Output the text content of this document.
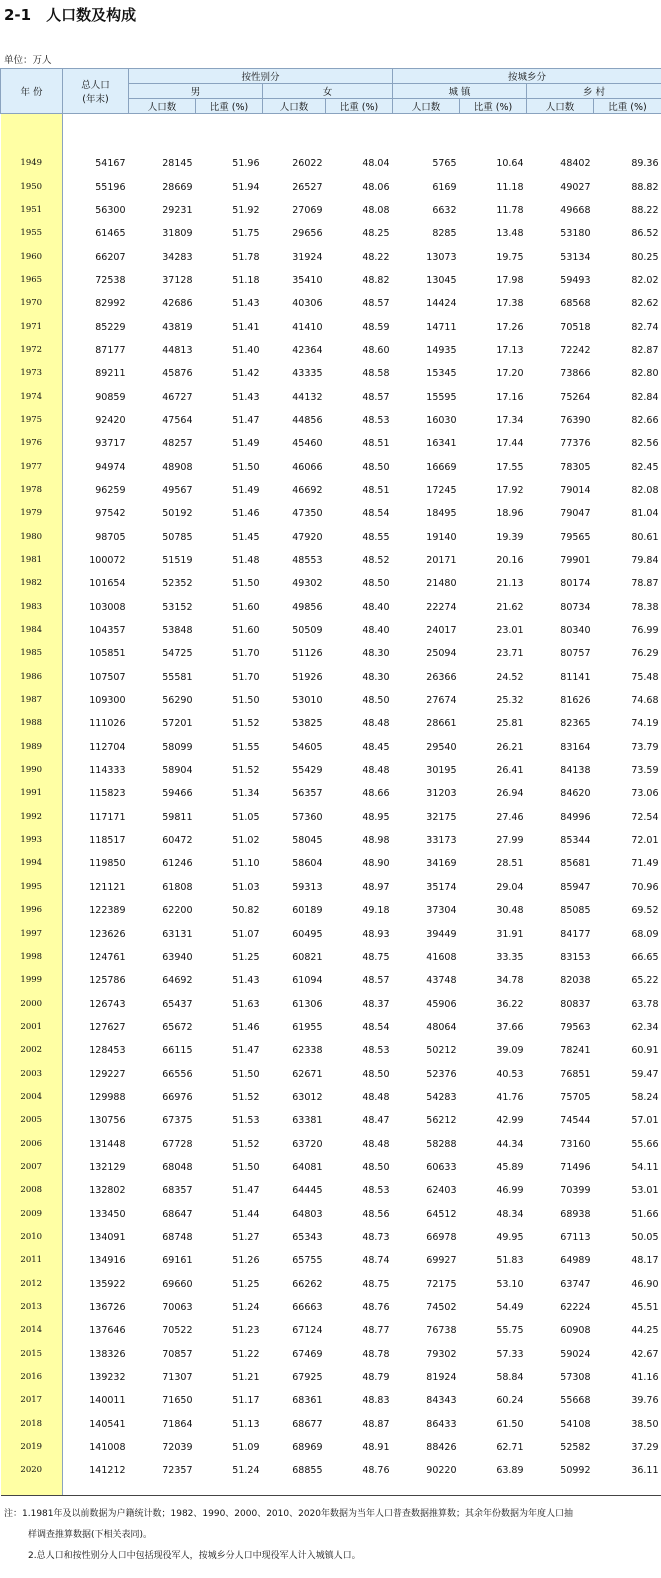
2-1　人口数及构成
单位：万人
年 份	总人口
(年末)	按性别分				按城乡分			
		男		女		城 镇		乡 村	
		人口数	比重 (%)	人口数	比重 (%)	人口数	比重 (%)	人口数	比重 (%)

1949	54167	28145	51.96	26022	48.04	5765	10.64	48402	89.36
1950	55196	28669	51.94	26527	48.06	6169	11.18	49027	88.82
1951	56300	29231	51.92	27069	48.08	6632	11.78	49668	88.22
1955	61465	31809	51.75	29656	48.25	8285	13.48	53180	86.52
1960	66207	34283	51.78	31924	48.22	13073	19.75	53134	80.25
1965	72538	37128	51.18	35410	48.82	13045	17.98	59493	82.02
1970	82992	42686	51.43	40306	48.57	14424	17.38	68568	82.62
1971	85229	43819	51.41	41410	48.59	14711	17.26	70518	82.74
1972	87177	44813	51.40	42364	48.60	14935	17.13	72242	82.87
1973	89211	45876	51.42	43335	48.58	15345	17.20	73866	82.80
1974	90859	46727	51.43	44132	48.57	15595	17.16	75264	82.84
1975	92420	47564	51.47	44856	48.53	16030	17.34	76390	82.66
1976	93717	48257	51.49	45460	48.51	16341	17.44	77376	82.56
1977	94974	48908	51.50	46066	48.50	16669	17.55	78305	82.45
1978	96259	49567	51.49	46692	48.51	17245	17.92	79014	82.08
1979	97542	50192	51.46	47350	48.54	18495	18.96	79047	81.04
1980	98705	50785	51.45	47920	48.55	19140	19.39	79565	80.61
1981	100072	51519	51.48	48553	48.52	20171	20.16	79901	79.84
1982	101654	52352	51.50	49302	48.50	21480	21.13	80174	78.87
1983	103008	53152	51.60	49856	48.40	22274	21.62	80734	78.38
1984	104357	53848	51.60	50509	48.40	24017	23.01	80340	76.99
1985	105851	54725	51.70	51126	48.30	25094	23.71	80757	76.29
1986	107507	55581	51.70	51926	48.30	26366	24.52	81141	75.48
1987	109300	56290	51.50	53010	48.50	27674	25.32	81626	74.68
1988	111026	57201	51.52	53825	48.48	28661	25.81	82365	74.19
1989	112704	58099	51.55	54605	48.45	29540	26.21	83164	73.79
1990	114333	58904	51.52	55429	48.48	30195	26.41	84138	73.59
1991	115823	59466	51.34	56357	48.66	31203	26.94	84620	73.06
1992	117171	59811	51.05	57360	48.95	32175	27.46	84996	72.54
1993	118517	60472	51.02	58045	48.98	33173	27.99	85344	72.01
1994	119850	61246	51.10	58604	48.90	34169	28.51	85681	71.49
1995	121121	61808	51.03	59313	48.97	35174	29.04	85947	70.96
1996	122389	62200	50.82	60189	49.18	37304	30.48	85085	69.52
1997	123626	63131	51.07	60495	48.93	39449	31.91	84177	68.09
1998	124761	63940	51.25	60821	48.75	41608	33.35	83153	66.65
1999	125786	64692	51.43	61094	48.57	43748	34.78	82038	65.22
2000	126743	65437	51.63	61306	48.37	45906	36.22	80837	63.78
2001	127627	65672	51.46	61955	48.54	48064	37.66	79563	62.34
2002	128453	66115	51.47	62338	48.53	50212	39.09	78241	60.91
2003	129227	66556	51.50	62671	48.50	52376	40.53	76851	59.47
2004	129988	66976	51.52	63012	48.48	54283	41.76	75705	58.24
2005	130756	67375	51.53	63381	48.47	56212	42.99	74544	57.01
2006	131448	67728	51.52	63720	48.48	58288	44.34	73160	55.66
2007	132129	68048	51.50	64081	48.50	60633	45.89	71496	54.11
2008	132802	68357	51.47	64445	48.53	62403	46.99	70399	53.01
2009	133450	68647	51.44	64803	48.56	64512	48.34	68938	51.66
2010	134091	68748	51.27	65343	48.73	66978	49.95	67113	50.05
2011	134916	69161	51.26	65755	48.74	69927	51.83	64989	48.17
2012	135922	69660	51.25	66262	48.75	72175	53.10	63747	46.90
2013	136726	70063	51.24	66663	48.76	74502	54.49	62224	45.51
2014	137646	70522	51.23	67124	48.77	76738	55.75	60908	44.25
2015	138326	70857	51.22	67469	48.78	79302	57.33	59024	42.67
2016	139232	71307	51.21	67925	48.79	81924	58.84	57308	41.16
2017	140011	71650	51.17	68361	48.83	84343	60.24	55668	39.76
2018	140541	71864	51.13	68677	48.87	86433	61.50	54108	38.50
2019	141008	72039	51.09	68969	48.91	88426	62.71	52582	37.29
2020	141212	72357	51.24	68855	48.76	90220	63.89	50992	36.11

注：1.1981年及以前数据为户籍统计数；1982、1990、2000、2010、2020年数据为当年人口普查数据推算数；其余年份数据为年度人口抽
样调查推算数据(下相关表同)。
2.总人口和按性别分人口中包括现役军人，按城乡分人口中现役军人计入城镇人口。
